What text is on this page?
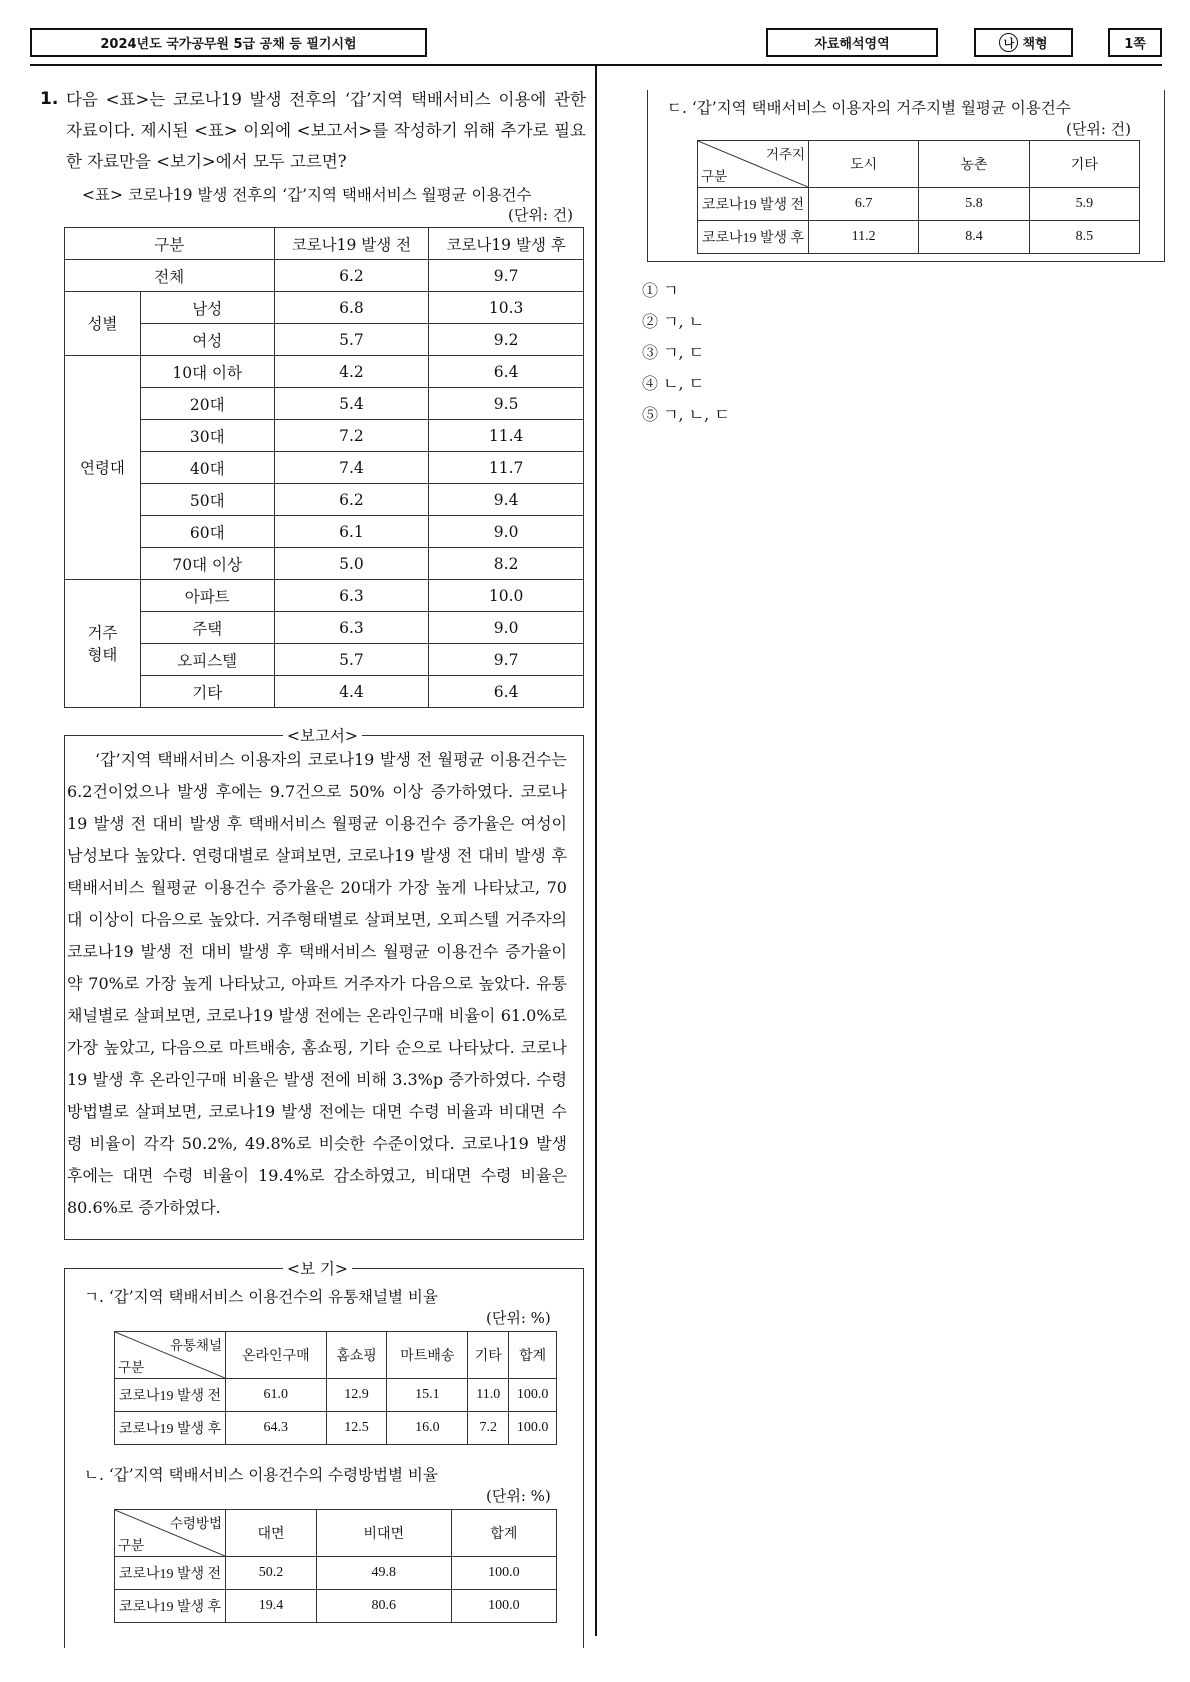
2024년도 국가공무원 5급 공채 등 필기시험	자료해석영역	나 책형	1쪽
1. 다음 <표>는 코로나19 발생 전후의 ‘갑’지역 택배서비스 이용에 관한 자료이다. 제시된 <표> 이외에 <보고서>를 작성하기 위해 추가로 필요한 자료만을 <보기>에서 모두 고르면?
<표> 코로나19 발생 전후의 ‘갑’지역 택배서비스 월평균 이용건수
(단위: 건)
구분		코로나19 발생 전	코로나19 발생 후
전체		6.2	9.7
성별	남성	6.8	10.3
	여성	5.7	9.2
연령대	10대 이하	4.2	6.4
	20대	5.4	9.5
	30대	7.2	11.4
	40대	7.4	11.7
	50대	6.2	9.4
	60대	6.1	9.0
	70대 이상	5.0	8.2
거주
형태	아파트	6.3	10.0
	주택	6.3	9.0
	오피스텔	5.7	9.7
	기타	4.4	6.4
<보고서>
‘갑’지역 택배서비스 이용자의 코로나19 발생 전 월평균 이용건수는 6.2건이었으나 발생 후에는 9.7건으로 50% 이상 증가하였다. 코로나19 발생 전 대비 발생 후 택배서비스 월평균 이용건수 증가율은 여성이 남성보다 높았다. 연령대별로 살펴보면, 코로나19 발생 전 대비 발생 후 택배서비스 월평균 이용건수 증가율은 20대가 가장 높게 나타났고, 70대 이상이 다음으로 높았다. 거주형태별로 살펴보면, 오피스텔 거주자의 코로나19 발생 전 대비 발생 후 택배서비스 월평균 이용건수 증가율이 약 70%로 가장 높게 나타났고, 아파트 거주자가 다음으로 높았다. 유통채널별로 살펴보면, 코로나19 발생 전에는 온라인구매 비율이 61.0%로 가장 높았고, 다음으로 마트배송, 홈쇼핑, 기타 순으로 나타났다. 코로나19 발생 후 온라인구매 비율은 발생 전에 비해 3.3%p 증가하였다. 수령방법별로 살펴보면, 코로나19 발생 전에는 대면 수령 비율과 비대면 수령 비율이 각각 50.2%, 49.8%로 비슷한 수준이었다. 코로나19 발생 후에는 대면 수령 비율이 19.4%로 감소하였고, 비대면 수령 비율은 80.6%로 증가하였다.
<보 기>
ㄱ. ‘갑’지역 택배서비스 이용건수의 유통채널별 비율
(단위: %)
유통채널
구분	온라인구매	홈쇼핑	마트배송	기타	합계
코로나19 발생 전	61.0	12.9	15.1	11.0	100.0
코로나19 발생 후	64.3	12.5	16.0	7.2	100.0
ㄴ. ‘갑’지역 택배서비스 이용건수의 수령방법별 비율
(단위: %)
수령방법
구분	대면	비대면	합계
코로나19 발생 전	50.2	49.8	100.0
코로나19 발생 후	19.4	80.6	100.0
ㄷ. ‘갑’지역 택배서비스 이용자의 거주지별 월평균 이용건수
(단위: 건)
거주지
구분	도시	농촌	기타
코로나19 발생 전	6.7	5.8	5.9
코로나19 발생 후	11.2	8.4	8.5
① ㄱ
② ㄱ, ㄴ
③ ㄱ, ㄷ
④ ㄴ, ㄷ
⑤ ㄱ, ㄴ, ㄷ
